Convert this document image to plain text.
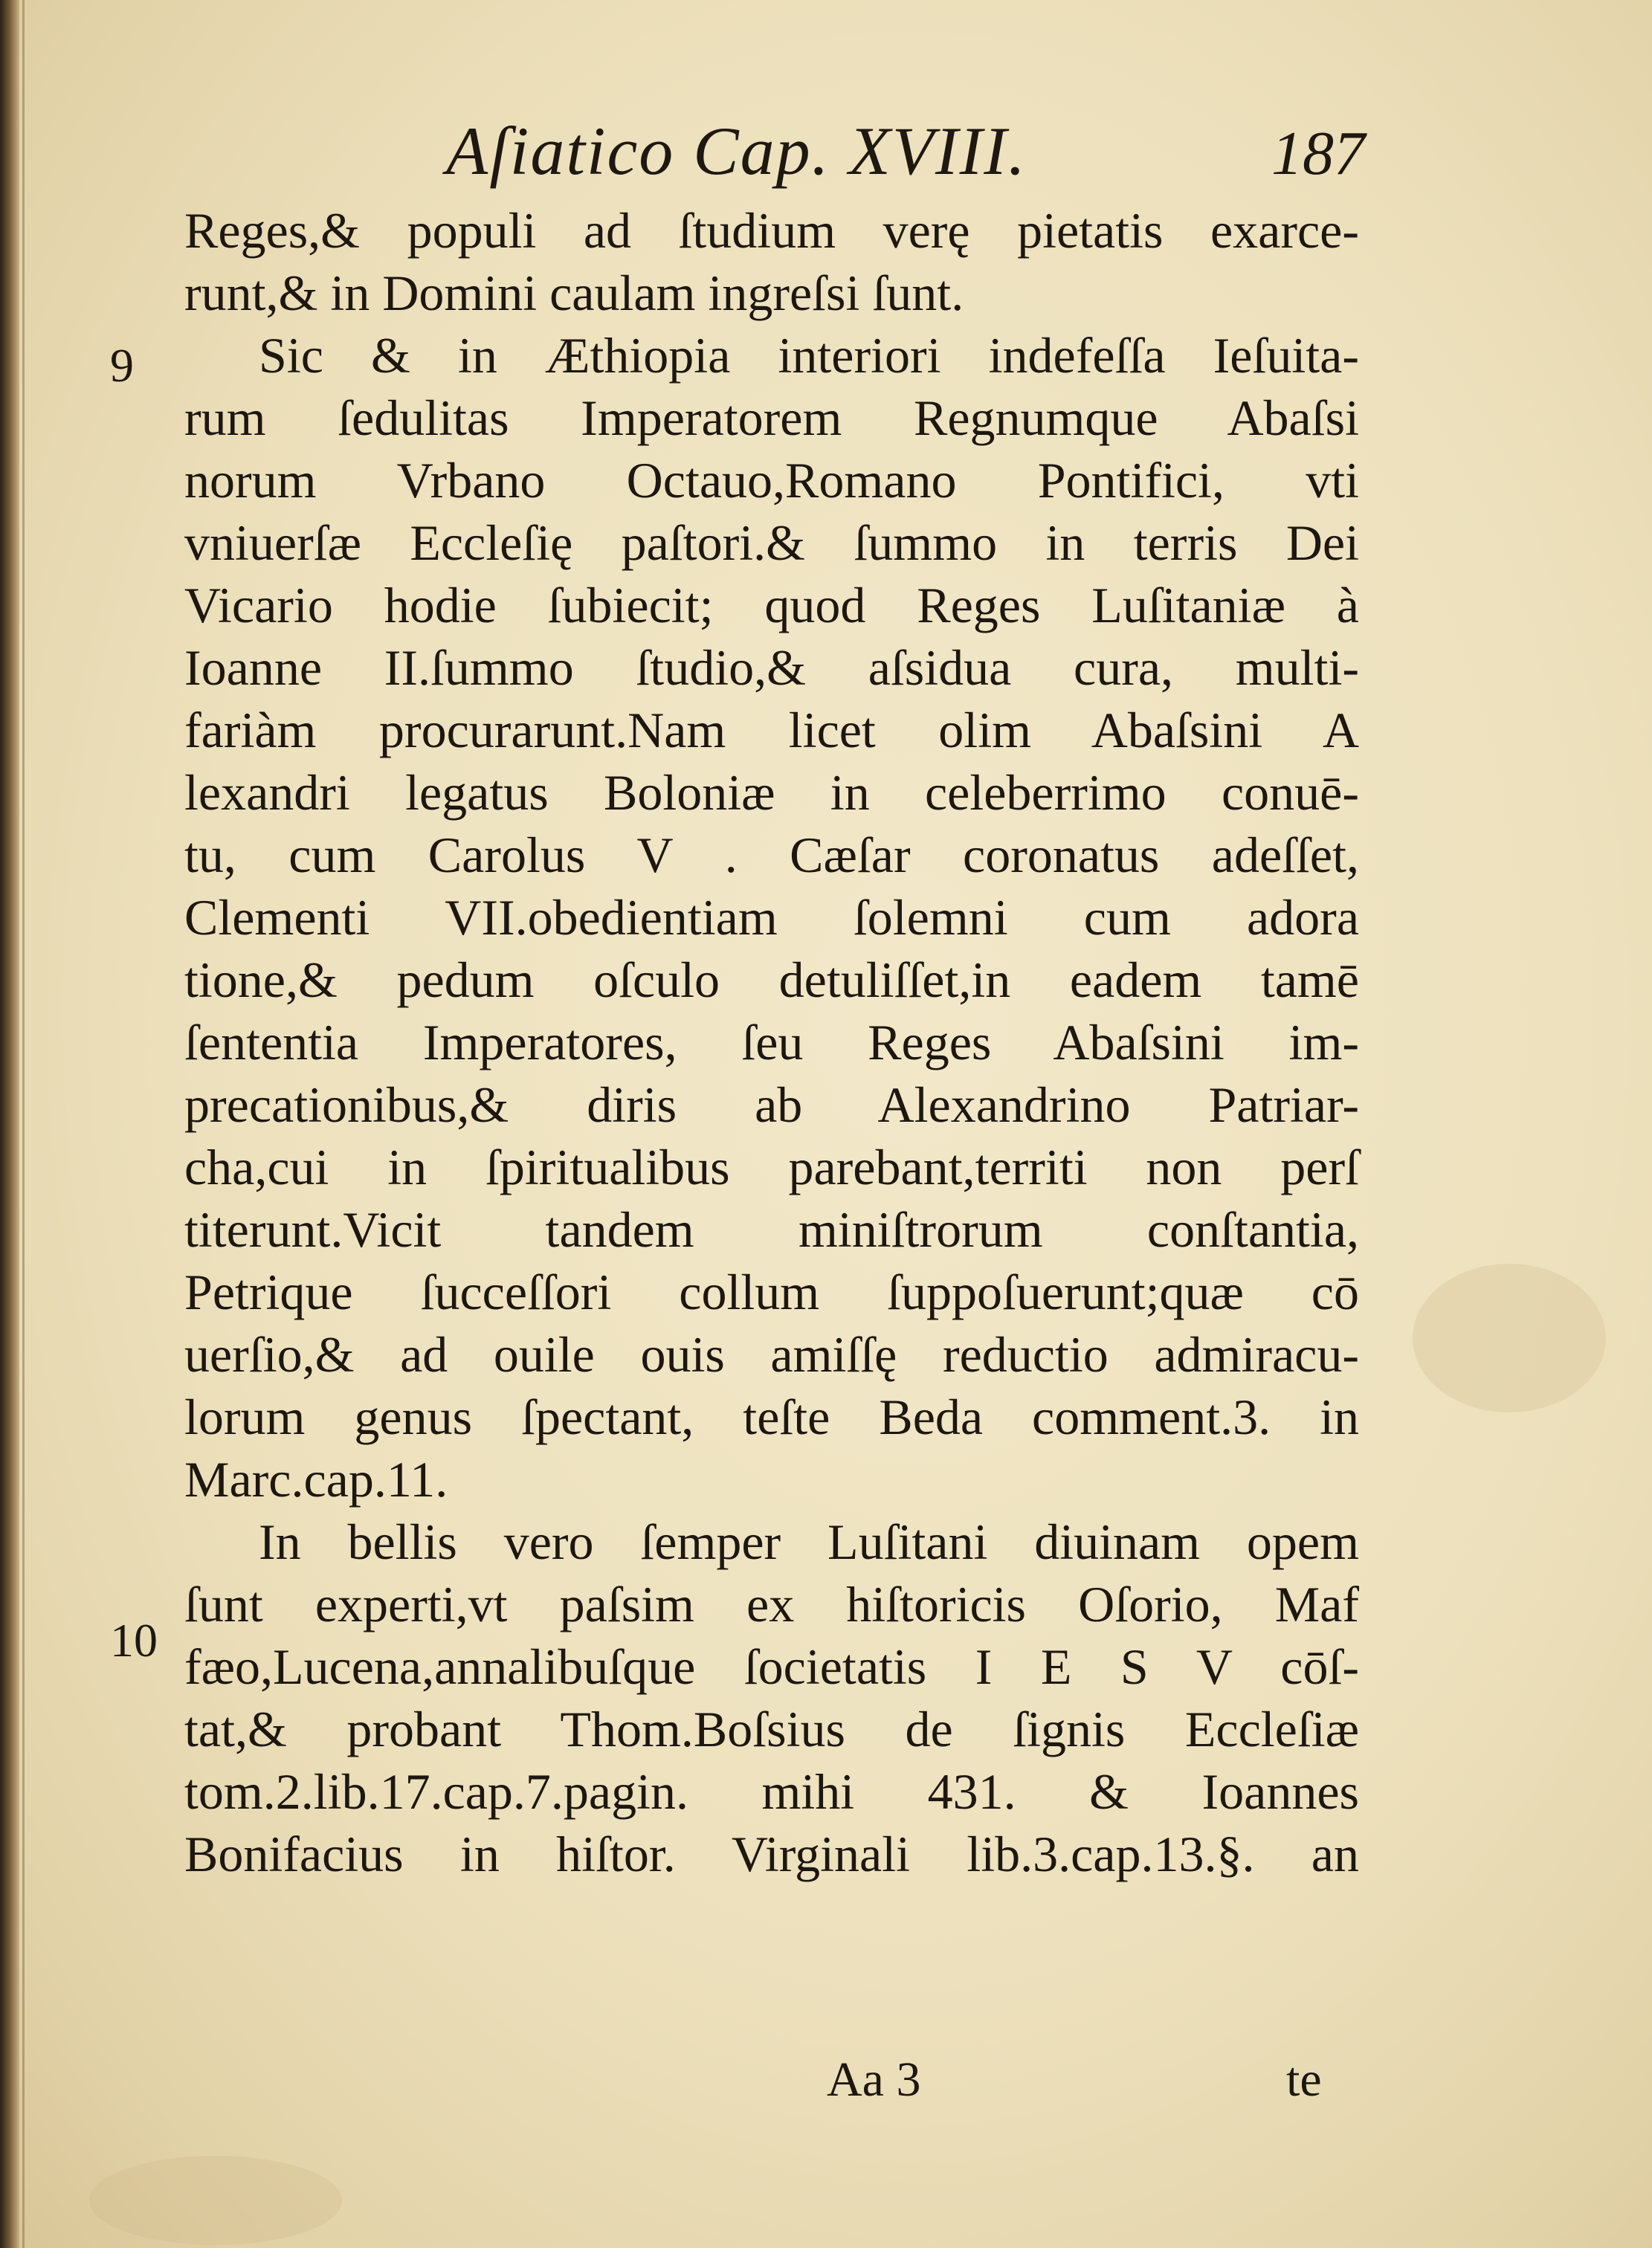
Aſiatico Cap. XVIII.	187
9
10
Reges,& populi ad ſtudium verę pietatis exarce-
runt,& in Domini caulam ingreſsi ſunt.
Sic & in Æthiopia interiori indefeſſa Ieſuita-
rum ſedulitas Imperatorem Regnumque Abaſsi
norum Vrbano Octauo,Romano Pontifici, vti
vniuerſæ Eccleſię paſtori.& ſummo in terris Dei
Vicario hodie ſubiecit; quod Reges Luſitaniæ à
Ioanne II.ſummo ſtudio,& aſsidua cura, multi-
fariàm procurarunt.Nam licet olim Abaſsini A
lexandri legatus Boloniæ in celeberrimo conuē-
tu, cum Carolus V . Cæſar coronatus adeſſet,
Clementi VII.obedientiam ſolemni cum adora
tione,& pedum oſculo detuliſſet,in eadem tamē
ſententia Imperatores, ſeu Reges Abaſsini im-
precationibus,& diris ab Alexandrino Patriar-
cha,cui in ſpiritualibus parebant,territi non perſ
titerunt.Vicit tandem miniſtrorum conſtantia,
Petrique ſucceſſori collum ſuppoſuerunt;quæ cō
uerſio,& ad ouile ouis amiſſę reductio admiracu-
lorum genus ſpectant, teſte Beda comment.3. in
Marc.cap.11.
In bellis vero ſemper Luſitani diuinam opem
ſunt experti,vt paſsim ex hiſtoricis Oſorio, Maf
fæo,Lucena,annalibuſque ſocietatis I E S V cōſ-
tat,& probant Thom.Boſsius de ſignis Eccleſiæ
tom.2.lib.17.cap.7.pagin. mihi 431. & Ioannes
Bonifacius in hiſtor. Virginali lib.3.cap.13.§. an
Aa 3	te
